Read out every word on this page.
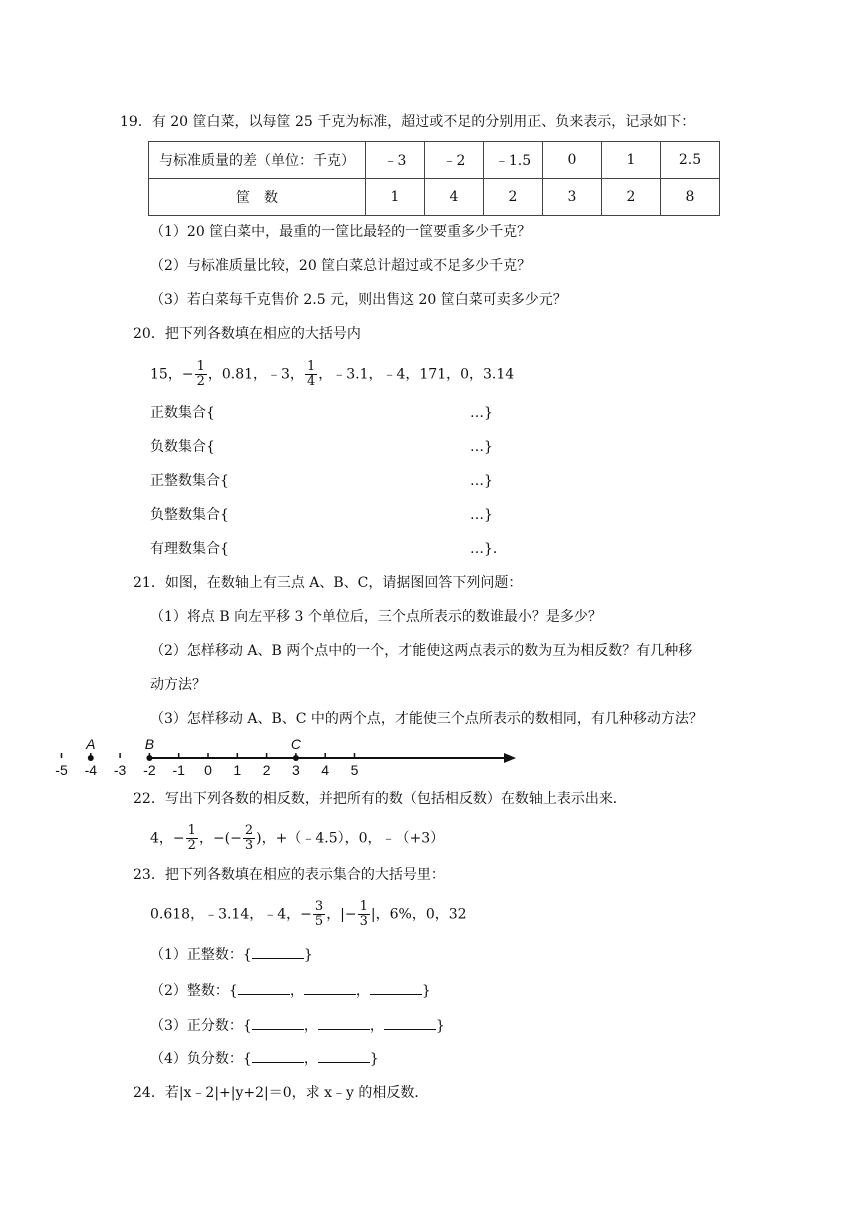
19．有 20 筐白菜，以每筐 25 千克为标准，超过或不足的分别用正、负来表示，记录如下：
与标准质量的差（单位：千克）	﹣3	﹣2	﹣1.5	0	1	2.5
筐　数	1	4	2	3	2	8
（1）20 筐白菜中，最重的一筐比最轻的一筐要重多少千克？
（2）与标准质量比较，20 筐白菜总计超过或不足多少千克？
（3）若白菜每千克售价 2.5 元，则出售这 20 筐白菜可卖多少元？
20．把下列各数填在相应的大括号内
15，− $\frac{1}{2}$ ，0.81，﹣3， $\frac{1}{4}$ ，﹣3.1，﹣4，171，0，3.14
正数集合{	…}
负数集合{	…}
正整数集合{	…}
负整数集合{	…}
有理数集合{	…}．
21．如图，在数轴上有三点 A、B、C，请据图回答下列问题：
（1）将点 B 向左平移 3 个单位后，三个点所表示的数谁最小？是多少？
（2）怎样移动 A、B 两个点中的一个，才能使这两点表示的数为互为相反数？有几种移
动方法？
（3）怎样移动 A、B、C 中的两个点，才能使三个点所表示的数相同，有几种移动方法？
-5 -4 -3 -2 -1 0 1 2 3 4 5
A	B	C
22．写出下列各数的相反数，并把所有的数（包括相反数）在数轴上表示出来．
4，− $\frac{1}{2}$ ，−(− $\frac{2}{3}$ )，+（﹣4.5），0，﹣（+3）
23．把下列各数填在相应的表示集合的大括号里：
0.618，﹣3.14，﹣4，− $\frac{3}{5}$ ，|− $\frac{1}{3}$ |，6%，0，32
（1）正整数：{	}
（2）整数：{	，	，	}
（3）正分数：{	，	，	}
（4）负分数：{	，	}
24．若|x﹣2|+|y+2|＝0，求 x﹣y 的相反数．
